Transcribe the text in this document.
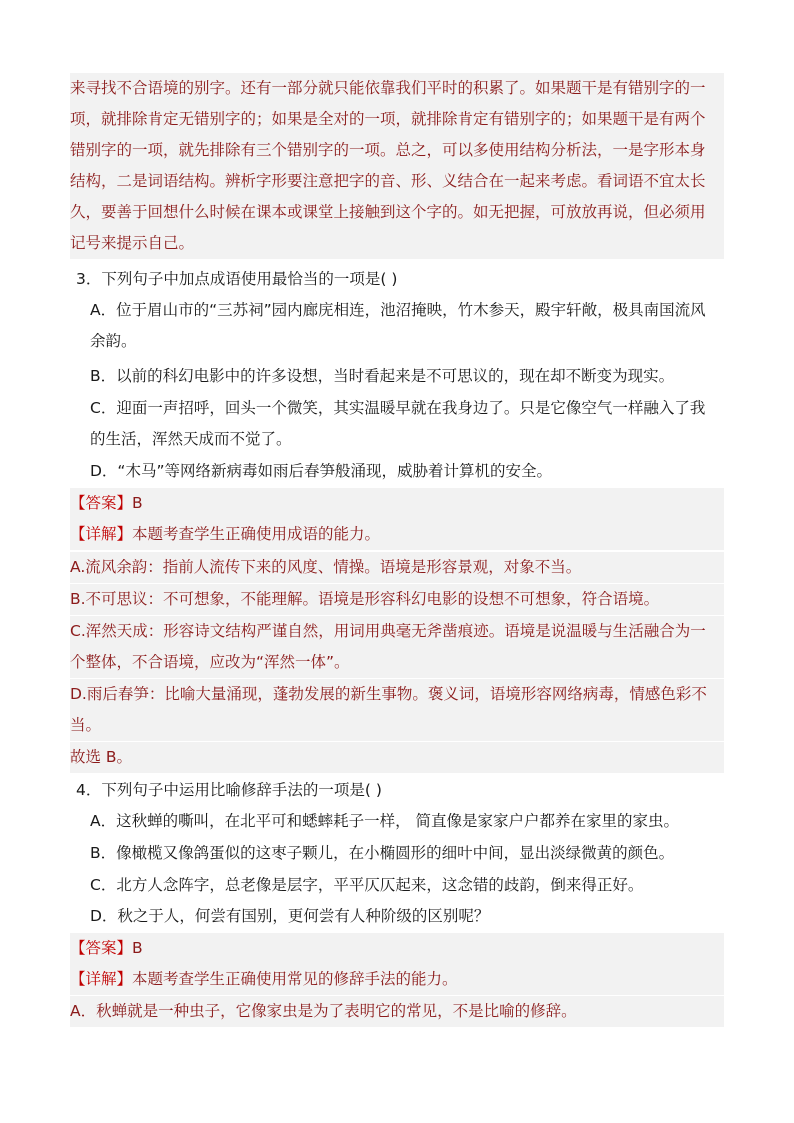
来寻找不合语境的别字。还有一部分就只能依靠我们平时的积累了。如果题干是有错别字的一
项，就排除肯定无错别字的；如果是全对的一项，就排除肯定有错别字的；如果题干是有两个
错别字的一项，就先排除有三个错别字的一项。总之，可以多使用结构分析法，一是字形本身
结构，二是词语结构。辨析字形要注意把字的音、形、义结合在一起来考虑。看词语不宜太长
久，要善于回想什么时候在课本或课堂上接触到这个字的。如无把握，可放放再说，但必须用
记号来提示自己。
3．下列句子中加点成语使用最恰当的一项是( )
A．位于眉山市的“三苏祠”园内廊庑相连，池沼掩映，竹木参天，殿宇轩敞，极具南国流风
余韵。
B．以前的科幻电影中的许多设想，当时看起来是不可思议的，现在却不断变为现实。
C．迎面一声招呼，回头一个微笑，其实温暖早就在我身边了。只是它像空气一样融入了我
的生活，浑然天成而不觉了。
D．“木马”等网络新病毒如雨后春笋般涌现，威胁着计算机的安全。
【答案】B
【详解】本题考查学生正确使用成语的能力。
A.流风余韵：指前人流传下来的风度、情操。语境是形容景观，对象不当。
B.不可思议：不可想象，不能理解。语境是形容科幻电影的设想不可想象，符合语境。
C.浑然天成：形容诗文结构严谨自然，用词用典毫无斧凿痕迹。语境是说温暖与生活融合为一
个整体，不合语境，应改为“浑然一体”。
D.雨后春笋：比喻大量涌现，蓬勃发展的新生事物。褒义词，语境形容网络病毒，情感色彩不
当。
故选 B。
4．下列句子中运用比喻修辞手法的一项是( )
A．这秋蝉的嘶叫，在北平可和蟋蟀耗子一样， 简直像是家家户户都养在家里的家虫。
B．像橄榄又像鸽蛋似的这枣子颗儿，在小椭圆形的细叶中间，显出淡绿微黄的颜色。
C．北方人念阵字，总老像是层字，平平仄仄起来，这念错的歧韵，倒来得正好。
D．秋之于人，何尝有国别，更何尝有人种阶级的区别呢？
【答案】B
【详解】本题考查学生正确使用常见的修辞手法的能力。
A．秋蝉就是一种虫子，它像家虫是为了表明它的常见，不是比喻的修辞。
